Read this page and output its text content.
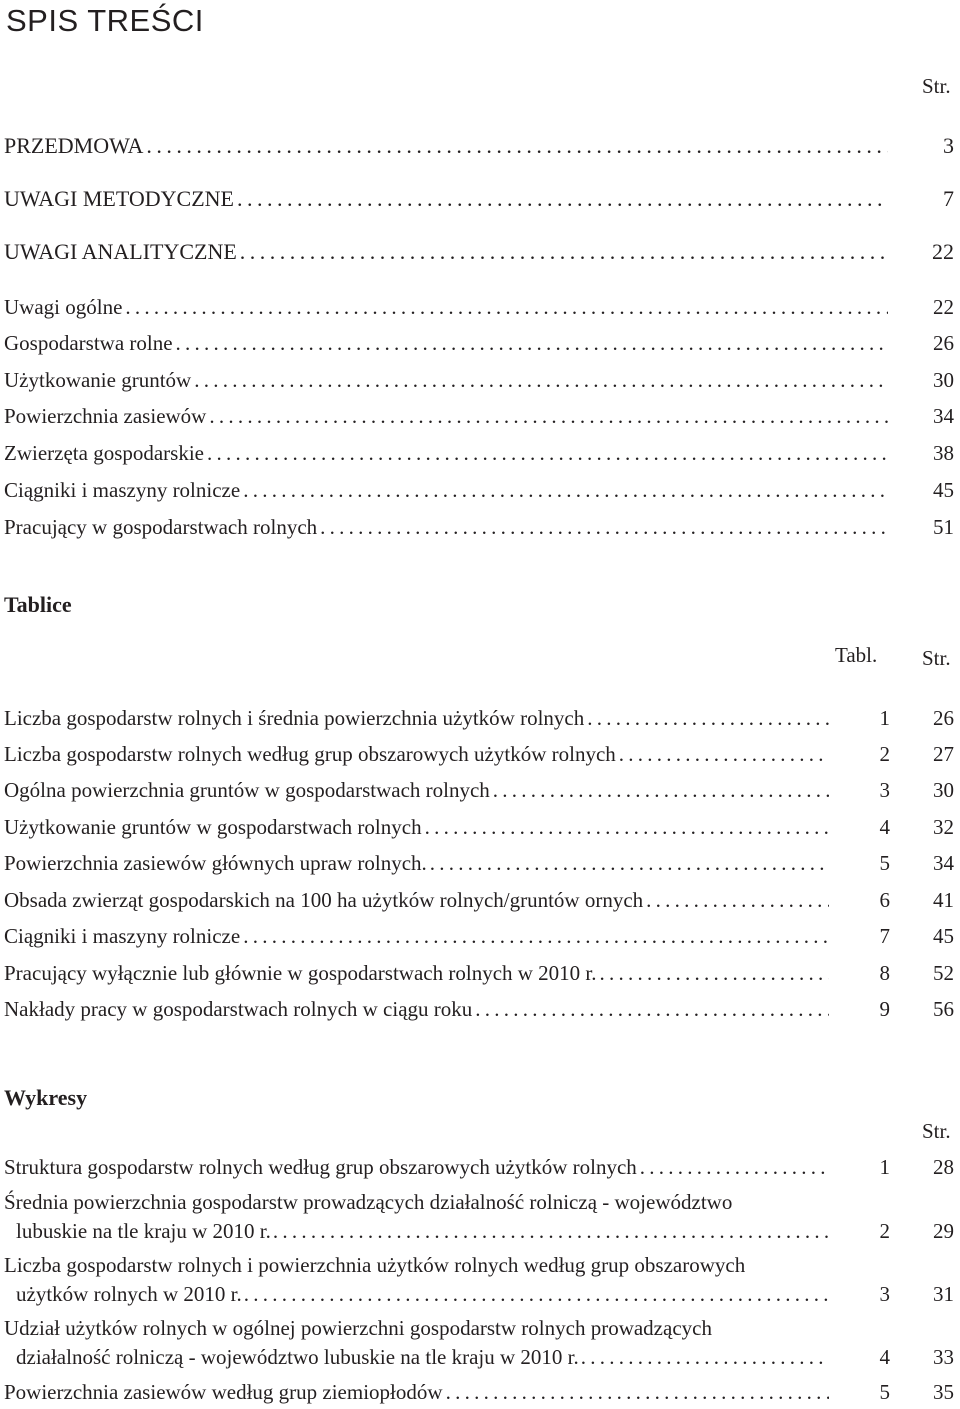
SPIS TREŚCI
Str.
PRZEDMOWA . . .	3
UWAGI METODYCZNE . . .	7
UWAGI ANALITYCZNE . . .	22
Uwagi ogólne . . .	22
Gospodarstwa rolne . . .	26
Użytkowanie gruntów . . .	30
Powierzchnia zasiewów . . .	34
Zwierzęta gospodarskie . . .	38
Ciągniki i maszyny rolnicze . . .	45
Pracujący w gospodarstwach rolnych . . .	51
Tablice
Tabl. Str.
Liczba gospodarstw rolnych i średnia powierzchnia użytków rolnych . . .	1 26
Liczba gospodarstw rolnych według grup obszarowych użytków rolnych . . .	2 27
Ogólna powierzchnia gruntów w gospodarstwach rolnych . . .	3 30
Użytkowanie gruntów w gospodarstwach rolnych . . .	4 32
Powierzchnia zasiewów głównych upraw rolnych. . . .	5 34
Obsada zwierząt gospodarskich na 100 ha użytków rolnych/gruntów ornych . . .	6 41
Ciągniki i maszyny rolnicze . . .	7 45
Pracujący wyłącznie lub głównie w gospodarstwach rolnych w 2010 r. . . .	8 52
Nakłady pracy w gospodarstwach rolnych w ciągu roku . . .	9 56
Wykresy
Str.
Struktura gospodarstw rolnych według grup obszarowych użytków rolnych . . .	1 28
Średnia powierzchnia gospodarstw prowadzących działalność rolniczą - województwo
lubuskie na tle kraju w 2010 r. . . .	2 29
Liczba gospodarstw rolnych i powierzchnia użytków rolnych według grup obszarowych
użytków rolnych w 2010 r. . . .	3 31
Udział użytków rolnych w ogólnej powierzchni gospodarstw rolnych prowadzących
działalność rolniczą - województwo lubuskie na tle kraju w 2010 r. . . .	4 33
Powierzchnia zasiewów według grup ziemiopłodów . . .	5 35
